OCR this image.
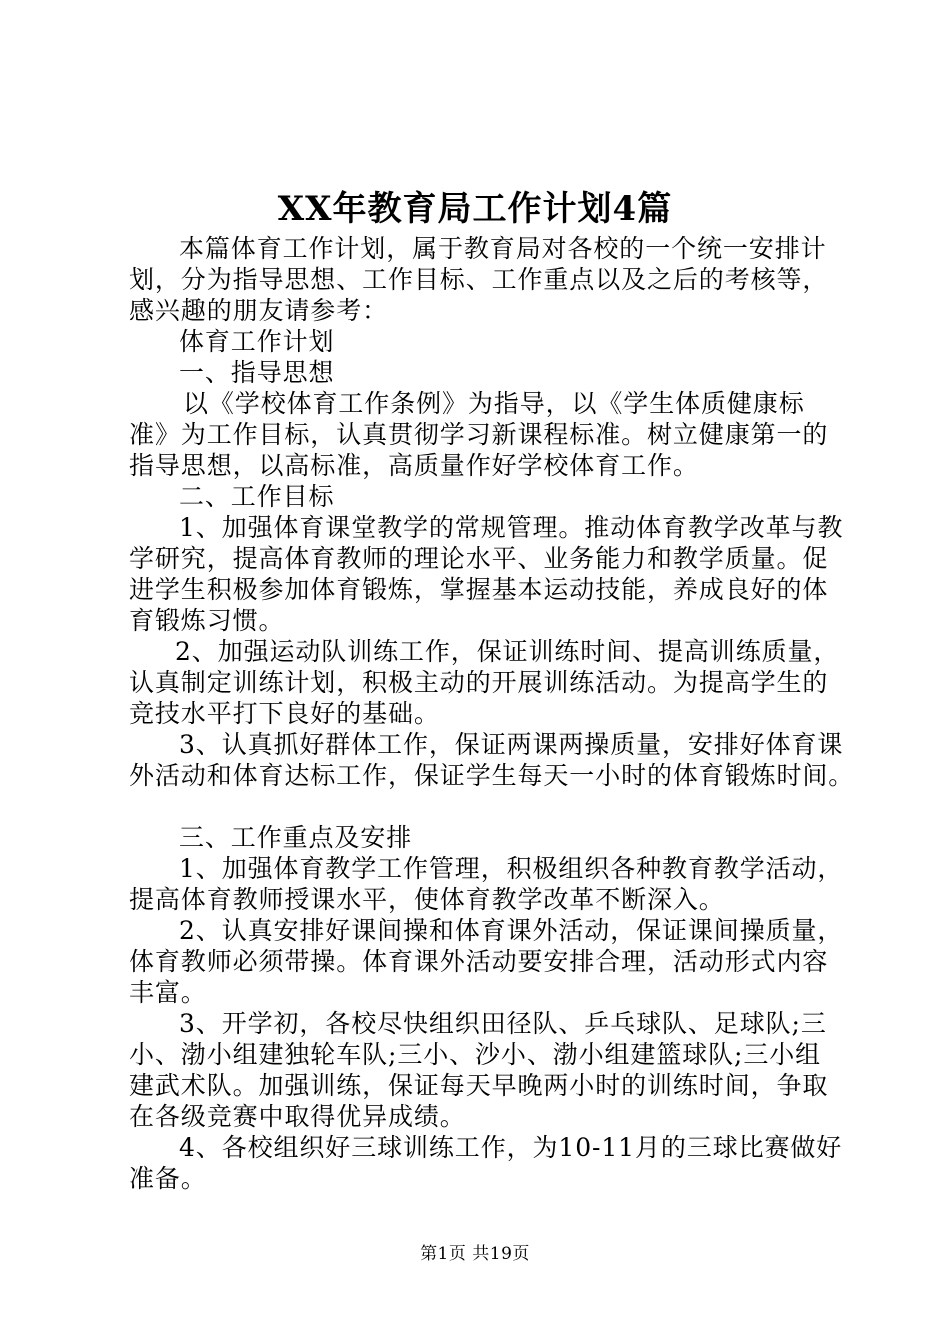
XX年教育局工作计划4篇

本篇体育工作计划，属于教育局对各校的一个统一安排计

划，分为指导思想、工作目标、工作重点以及之后的考核等，

感兴趣的朋友请参考：

体育工作计划

一、指导思想

以《学校体育工作条例》为指导，以《学生体质健康标

准》为工作目标，认真贯彻学习新课程标准。树立健康第一的

指导思想，以高标准，高质量作好学校体育工作。

二、工作目标

1、加强体育课堂教学的常规管理。推动体育教学改革与教

学研究，提高体育教师的理论水平、业务能力和教学质量。促

进学生积极参加体育锻炼，掌握基本运动技能，养成良好的体

育锻炼习惯。

2、加强运动队训练工作，保证训练时间、提高训练质量，

认真制定训练计划，积极主动的开展训练活动。为提高学生的

竞技水平打下良好的基础。

3、认真抓好群体工作，保证两课两操质量，安排好体育课

外活动和体育达标工作，保证学生每天一小时的体育锻炼时间。

三、工作重点及安排

1、加强体育教学工作管理，积极组织各种教育教学活动，

提高体育教师授课水平，使体育教学改革不断深入。

2、认真安排好课间操和体育课外活动，保证课间操质量，

体育教师必须带操。体育课外活动要安排合理，活动形式内容

丰富。

3、开学初，各校尽快组织田径队、乒乓球队、足球队;三

小、渤小组建独轮车队;三小、沙小、渤小组建篮球队;三小组

建武术队。加强训练，保证每天早晚两小时的训练时间，争取

在各级竞赛中取得优异成绩。

4、各校组织好三球训练工作，为10-11月的三球比赛做好

准备。

第1页 共19页
